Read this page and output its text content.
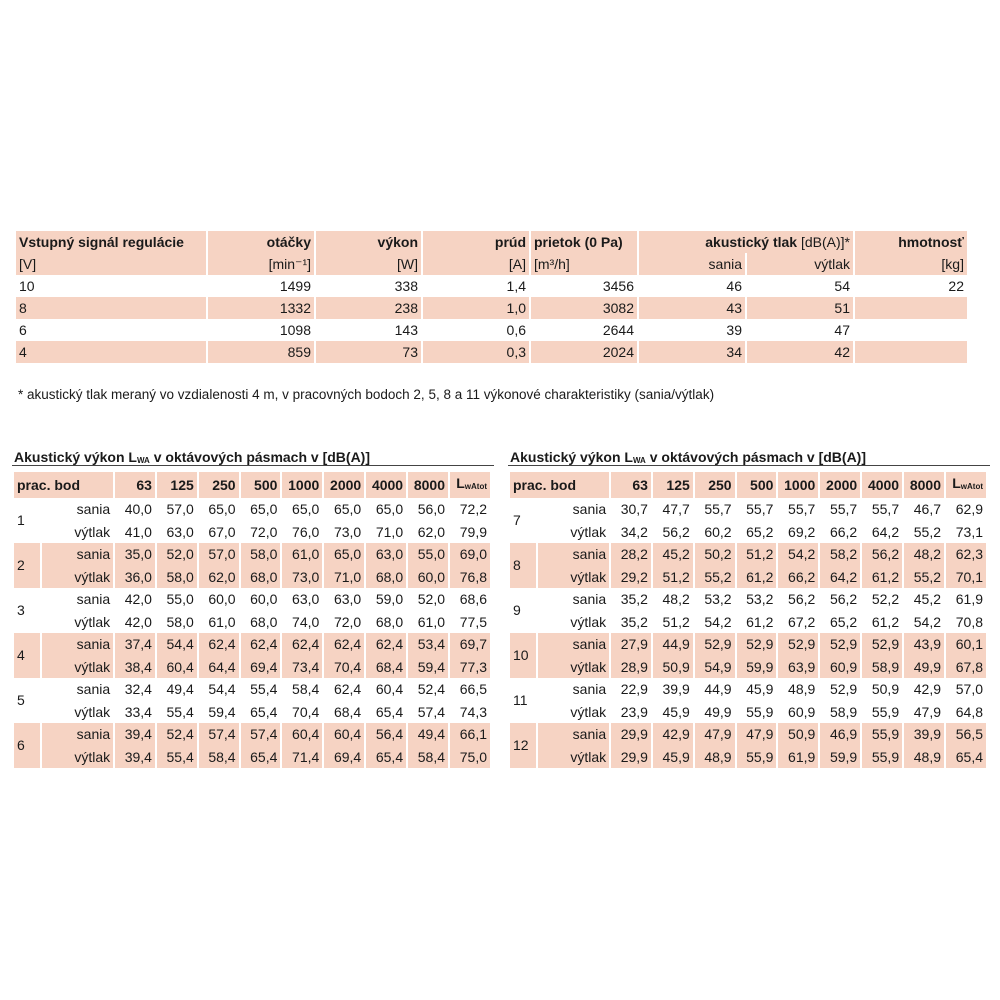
Vstupný signál regulácie	otáčky	výkon	prúd	prietok (0 Pa)	akustický tlak [dB(A)]*		hmotnosť
[V]	[min⁻¹]	[W]	[A]	[m³/h]	sania	výtlak	[kg]
10	1499	338	1,4	3456	46	54	22
8	1332	238	1,0	3082	43	51	
6	1098	143	0,6	2644	39	47	
4	859	73	0,3	2024	34	42	
* akustický tlak meraný vo vzdialenosti 4 m, v pracovných bodoch 2, 5, 8 a 11 výkonové charakteristiky (sania/výtlak)
Akustický výkon LWA v oktávových pásmach v [dB(A)]
prac. bod		63	125	250	500	1000	2000	4000	8000	LwAtot
1	sania	40,0	57,0	65,0	65,0	65,0	65,0	65,0	56,0	72,2
	výtlak	41,0	63,0	67,0	72,0	76,0	73,0	71,0	62,0	79,9
2	sania	35,0	52,0	57,0	58,0	61,0	65,0	63,0	55,0	69,0
	výtlak	36,0	58,0	62,0	68,0	73,0	71,0	68,0	60,0	76,8
3	sania	42,0	55,0	60,0	60,0	63,0	63,0	59,0	52,0	68,6
	výtlak	42,0	58,0	61,0	68,0	74,0	72,0	68,0	61,0	77,5
4	sania	37,4	54,4	62,4	62,4	62,4	62,4	62,4	53,4	69,7
	výtlak	38,4	60,4	64,4	69,4	73,4	70,4	68,4	59,4	77,3
5	sania	32,4	49,4	54,4	55,4	58,4	62,4	60,4	52,4	66,5
	výtlak	33,4	55,4	59,4	65,4	70,4	68,4	65,4	57,4	74,3
6	sania	39,4	52,4	57,4	57,4	60,4	60,4	56,4	49,4	66,1
	výtlak	39,4	55,4	58,4	65,4	71,4	69,4	65,4	58,4	75,0
Akustický výkon LWA v oktávových pásmach v [dB(A)]
prac. bod		63	125	250	500	1000	2000	4000	8000	LwAtot
7	sania	30,7	47,7	55,7	55,7	55,7	55,7	55,7	46,7	62,9
	výtlak	34,2	56,2	60,2	65,2	69,2	66,2	64,2	55,2	73,1
8	sania	28,2	45,2	50,2	51,2	54,2	58,2	56,2	48,2	62,3
	výtlak	29,2	51,2	55,2	61,2	66,2	64,2	61,2	55,2	70,1
9	sania	35,2	48,2	53,2	53,2	56,2	56,2	52,2	45,2	61,9
	výtlak	35,2	51,2	54,2	61,2	67,2	65,2	61,2	54,2	70,8
10	sania	27,9	44,9	52,9	52,9	52,9	52,9	52,9	43,9	60,1
	výtlak	28,9	50,9	54,9	59,9	63,9	60,9	58,9	49,9	67,8
11	sania	22,9	39,9	44,9	45,9	48,9	52,9	50,9	42,9	57,0
	výtlak	23,9	45,9	49,9	55,9	60,9	58,9	55,9	47,9	64,8
12	sania	29,9	42,9	47,9	47,9	50,9	46,9	55,9	39,9	56,5
	výtlak	29,9	45,9	48,9	55,9	61,9	59,9	55,9	48,9	65,4
